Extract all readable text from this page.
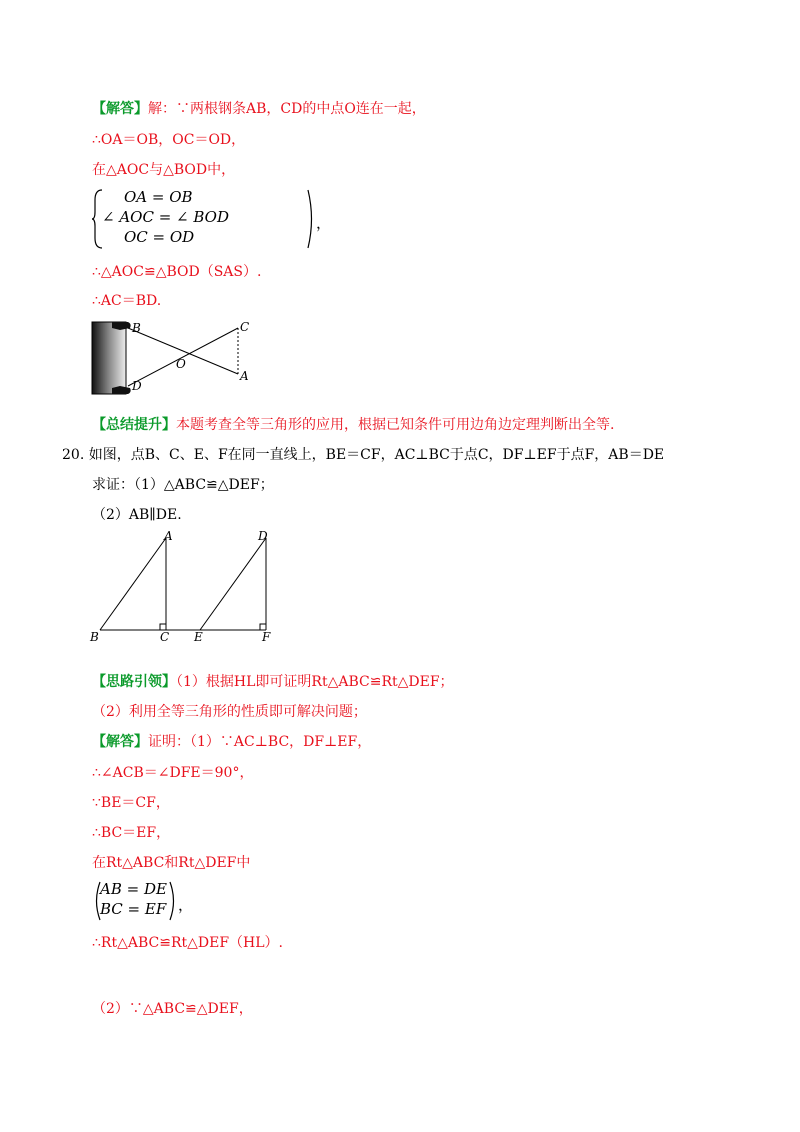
【解答】解：∵两根钢条AB，CD的中点O连在一起，
∴OA＝OB，OC＝OD，
在△AOC与△BOD中，
OA = OB
∠ AOC = ∠ BOD
OC = OD
，
∴△AOC≌△BOD（SAS）.
∴AC＝BD.
B
D
O
C
A
【总结提升】本题考查全等三角形的应用，根据已知条件可用边角边定理判断出全等.
20. 如图，点B、C、E、F在同一直线上，BE＝CF，AC⊥BC于点C，DF⊥EF于点F，AB＝DE
求证：（1）△ABC≌△DEF；
（2）AB∥DE.
A
B	C
D
E	F
【思路引领】（1）根据HL即可证明Rt△ABC≌Rt△DEF；
（2）利用全等三角形的性质即可解决问题；
【解答】证明：（1）∵AC⊥BC，DF⊥EF，
∴∠ACB＝∠DFE＝90°，
∵BE＝CF，
∴BC＝EF，
在Rt△ABC和Rt△DEF中
AB = DE
BC = EF ，
∴Rt△ABC≌Rt△DEF（HL）.
（2）∵△ABC≌△DEF，
